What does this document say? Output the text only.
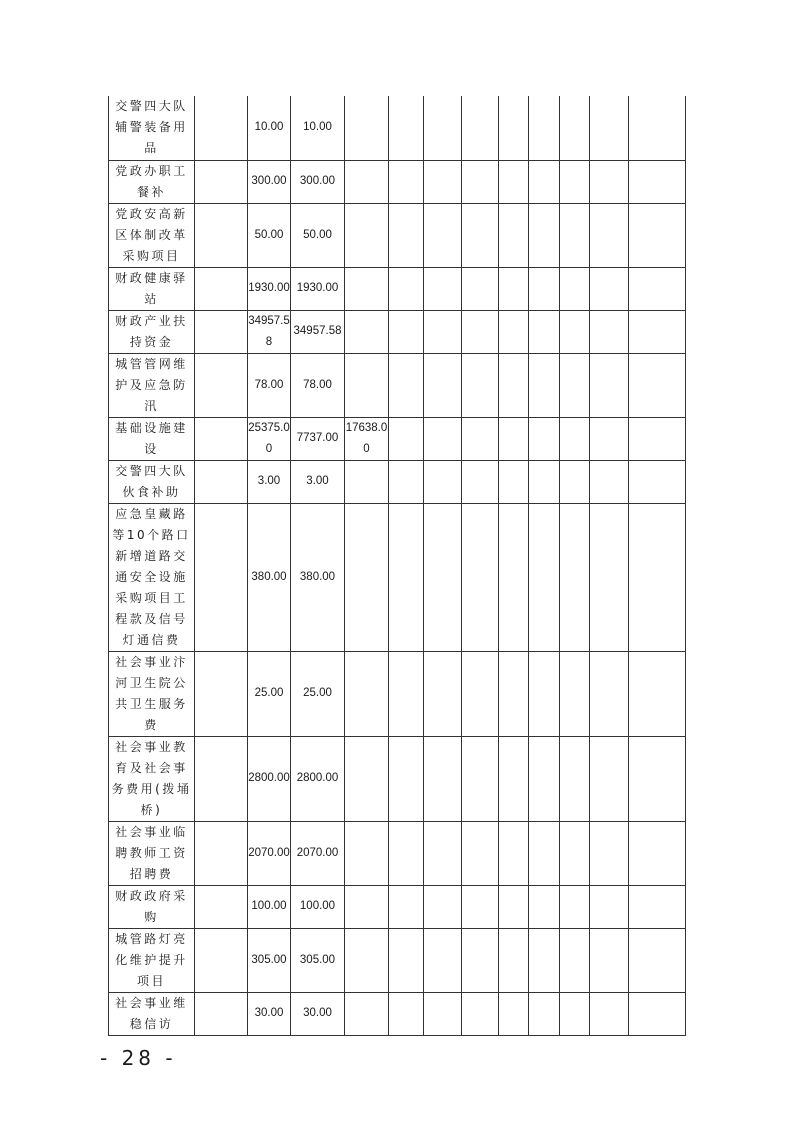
交警四大队辅警装备用品		10.00	10.00									
党政办职工餐补		300.00	300.00									
党政安高新区体制改革采购项目		50.00	50.00									
财政健康驿站		1930.00	1930.00									
财政产业扶持资金		34957.58	34957.58									
城管管网维护及应急防汛		78.00	78.00									
基础设施建设		25375.00	7737.00	17638.00								
交警四大队伙食补助		3.00	3.00									
应急皇藏路等10个路口新增道路交通安全设施采购项目工程款及信号灯通信费		380.00	380.00									
社会事业汴河卫生院公共卫生服务费		25.00	25.00									
社会事业教育及社会事务费用(拨埇桥)		2800.00	2800.00									
社会事业临聘教师工资招聘费		2070.00	2070.00									
财政政府采购		100.00	100.00									
城管路灯亮化维护提升项目		305.00	305.00									
社会事业维稳信访		30.00	30.00									
- 28 -
